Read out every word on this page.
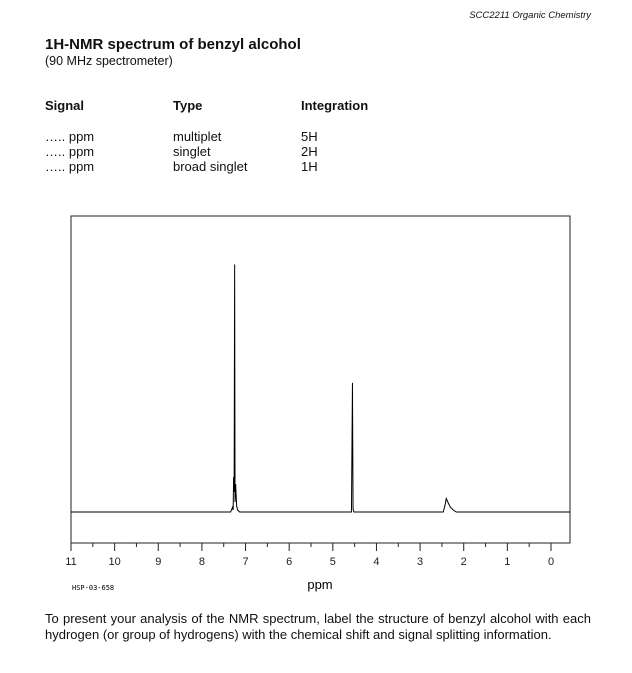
SCC2211 Organic Chemistry
1H-NMR spectrum of benzyl alcohol
(90 MHz spectrometer)
Signal	Type	Integration
….. ppm	multiplet	5H
….. ppm	singlet	2H
….. ppm	broad singlet	1H
11	10	9	8	7	6	5	4	3	2	1	0
ppm
HSP-03-658
To present your analysis of the NMR spectrum, label the structure of benzyl alcohol with each hydrogen (or group of hydrogens) with the chemical shift and signal splitting information.
